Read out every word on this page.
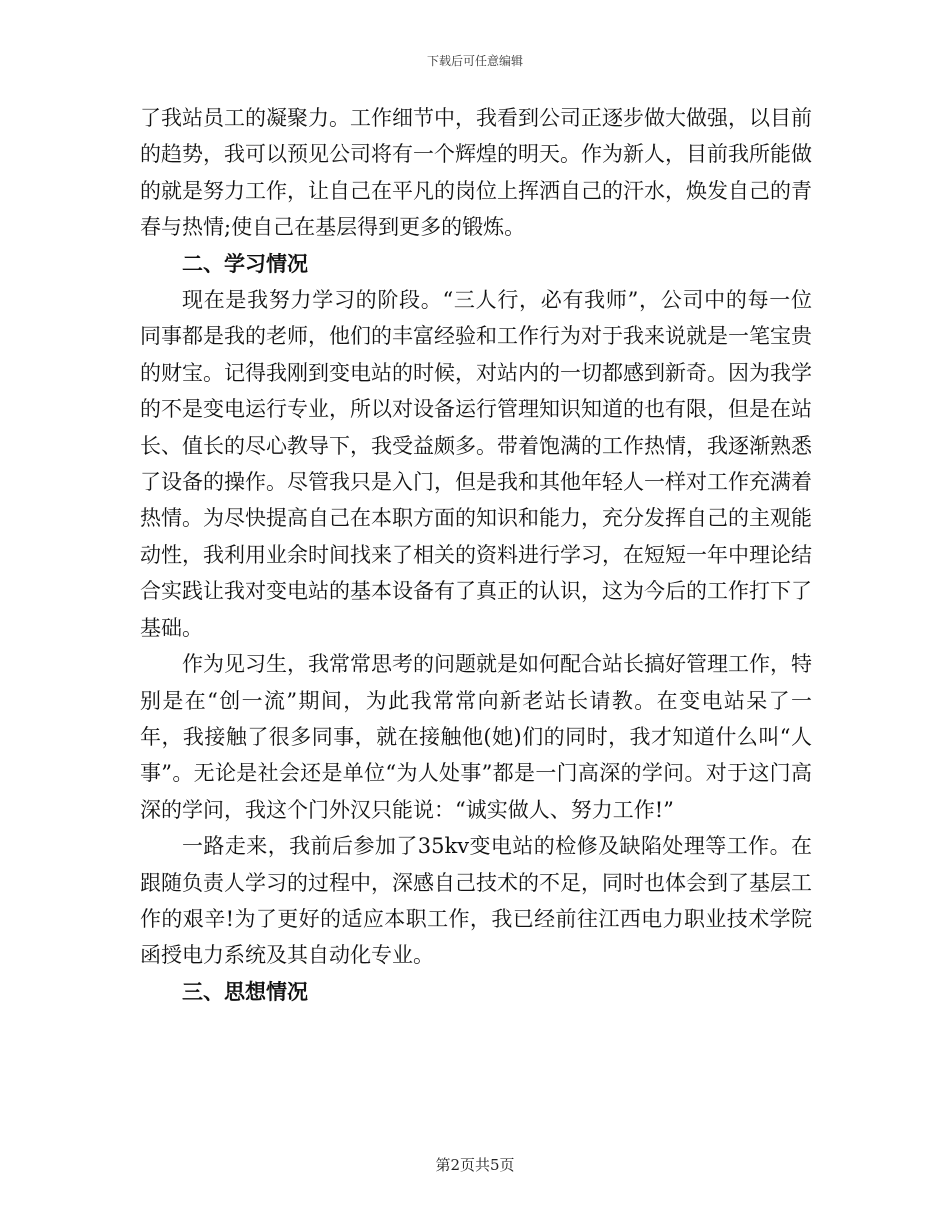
下载后可任意编辑

了我站员工的凝聚力。工作细节中，我看到公司正逐步做大做强，以目前的趋势，我可以预见公司将有一个辉煌的明天。作为新人，目前我所能做的就是努力工作，让自己在平凡的岗位上挥洒自己的汗水，焕发自己的青春与热情;使自己在基层得到更多的锻炼。

二、学习情况

现在是我努力学习的阶段。“三人行，必有我师”，公司中的每一位同事都是我的老师，他们的丰富经验和工作行为对于我来说就是一笔宝贵的财宝。记得我刚到变电站的时候，对站内的一切都感到新奇。因为我学的不是变电运行专业，所以对设备运行管理知识知道的也有限，但是在站长、值长的尽心教导下，我受益颇多。带着饱满的工作热情，我逐渐熟悉了设备的操作。尽管我只是入门，但是我和其他年轻人一样对工作充满着热情。为尽快提高自己在本职方面的知识和能力，充分发挥自己的主观能动性，我利用业余时间找来了相关的资料进行学习，在短短一年中理论结合实践让我对变电站的基本设备有了真正的认识，这为今后的工作打下了基础。

作为见习生，我常常思考的问题就是如何配合站长搞好管理工作，特别是在“创一流”期间，为此我常常向新老站长请教。在变电站呆了一年，我接触了很多同事，就在接触他(她)们的同时，我才知道什么叫“人事”。无论是社会还是单位“为人处事”都是一门高深的学问。对于这门高深的学问，我这个门外汉只能说：“诚实做人、努力工作!”

一路走来，我前后参加了35kv变电站的检修及缺陷处理等工作。在跟随负责人学习的过程中，深感自己技术的不足，同时也体会到了基层工作的艰辛!为了更好的适应本职工作，我已经前往江西电力职业技术学院函授电力系统及其自动化专业。

三、思想情况

第2页共5页
